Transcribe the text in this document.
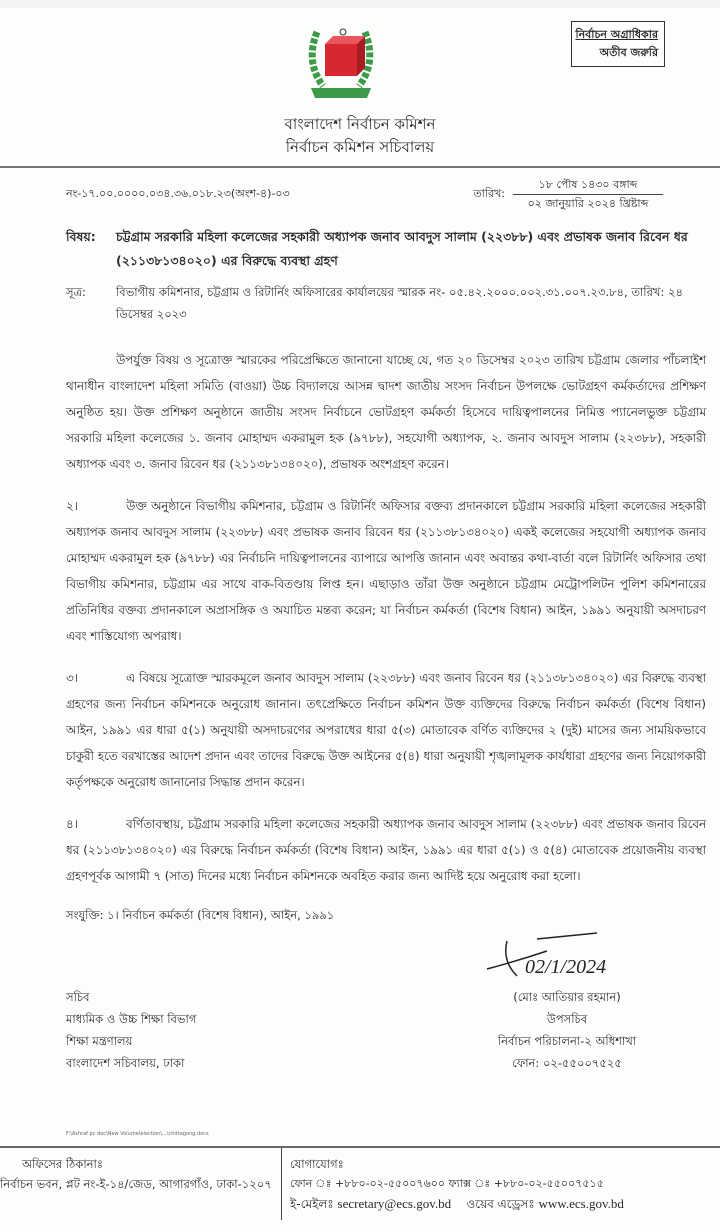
বাংলাদেশ নির্বাচন কমিশন
নির্বাচন কমিশন সচিবালয়
নির্বাচন অগ্রাধিকার
অতীব জরুরি
নং-১৭.০০.০০০০.০৩৪.৩৬.০১৮.২৩(অংশ-৪)-০৩	তারিখ:
১৮ পৌষ ১৪৩০ বঙ্গাব্দ
০২ জানুয়ারি ২০২৪ খ্রিষ্টাব্দ
বিষয়:	চট্টগ্রাম সরকারি মহিলা কলেজের সহকারী অধ্যাপক জনাব আবদুস সালাম (২২৩৮৮) এবং প্রভাষক জনাব রিবেন ধর (২১১৩৮১৩৪০২০) এর বিরুদ্ধে ব্যবস্থা গ্রহণ
সূত্র:	বিভাগীয় কমিশনার, চট্টগ্রাম ও রিটার্নিং অফিসারের কার্যালয়ের স্মারক নং- ০৫.৪২.২০০০.০০২.৩১.০০৭.২৩.৮৪, তারিখ: ২৪ ডিসেম্বর ২০২৩
উপর্যুক্ত বিষয় ও সূত্রোক্ত স্মারকের পরিপ্রেক্ষিতে জানানো যাচ্ছে যে, গত ২০ ডিসেম্বর ২০২৩ তারিখ চট্টগ্রাম জেলার পাঁচলাইশ থানাধীন বাংলাদেশ মহিলা সমিতি (বাওয়া) উচ্চ বিদ্যালয়ে আসন্ন দ্বাদশ জাতীয় সংসদ নির্বাচন উপলক্ষে ভোটগ্রহণ কর্মকর্তাদের প্রশিক্ষণ অনুষ্ঠিত হয়। উক্ত প্রশিক্ষণ অনুষ্ঠানে জাতীয় সংসদ নির্বাচনে ভোটগ্রহণ কর্মকর্তা হিসেবে দায়িত্বপালনের নিমিত্ত প্যানেলভুক্ত চট্টগ্রাম সরকারি মহিলা কলেজের ১. জনাব মোহাম্মদ একরামুল হক (৯৭৮৮), সহযোগী অধ্যাপক, ২. জনাব আবদুস সালাম (২২৩৮৮), সহকারী অধ্যাপক এবং ৩. জনাব রিবেন ধর (২১১৩৮১৩৪০২০), প্রভাষক অংশগ্রহণ করেন।
২।	উক্ত অনুষ্ঠানে বিভাগীয় কমিশনার, চট্টগ্রাম ও রিটার্নিং অফিসার বক্তব্য প্রদানকালে চট্টগ্রাম সরকারি মহিলা কলেজের সহকারী অধ্যাপক জনাব আবদুস সালাম (২২৩৮৮) এবং প্রভাষক জনাব রিবেন ধর (২১১৩৮১৩৪০২০) একই কলেজের সহযোগী অধ্যাপক জনাব মোহাম্মদ একরামুল হক (৯৭৮৮) এর নির্বাচনি দায়িত্বপালনের ব্যাপারে আপত্তি জানান এবং অবান্তর কথা-বার্তা বলে রিটার্নিং অফিসার তথা বিভাগীয় কমিশনার, চট্টগ্রাম এর সাথে বাক-বিতণ্ডায় লিপ্ত হন। এছাড়াও তাঁরা উক্ত অনুষ্ঠানে চট্টগ্রাম মেট্রোপলিটন পুলিশ কমিশনারের প্রতিনিধির বক্তব্য প্রদানকালে অপ্রাসঙ্গিক ও অযাচিত মন্তব্য করেন; যা নির্বাচন কর্মকর্তা (বিশেষ বিধান) আইন, ১৯৯১ অনুযায়ী অসদাচরণ এবং শাস্তিযোগ্য অপরাধ।
৩।	এ বিষয়ে সূত্রোক্ত স্মারকমূলে জনাব আবদুস সালাম (২২৩৮৮) এবং জনাব রিবেন ধর (২১১৩৮১৩৪০২০) এর বিরুদ্ধে ব্যবস্থা গ্রহণের জন্য নির্বাচন কমিশনকে অনুরোধ জানান। তৎপ্রেক্ষিতে নির্বাচন কমিশন উক্ত ব্যক্তিদের বিরুদ্ধে নির্বাচন কর্মকর্তা (বিশেষ বিধান) আইন, ১৯৯১ এর ধারা ৫(১) অনুযায়ী অসদাচরণের অপরাধের ধারা ৫(৩) মোতাবেক বর্ণিত ব্যক্তিদের ২ (দুই) মাসের জন্য সাময়িকভাবে চাকুরী হতে বরখাস্তের আদেশ প্রদান এবং তাদের বিরুদ্ধে উক্ত আইনের ৫(৪) ধারা অনুযায়ী শৃঙ্খলামূলক কার্যধারা গ্রহণের জন্য নিয়োগকারী কর্তৃপক্ষকে অনুরোধ জানানোর সিদ্ধান্ত প্রদান করেন।
৪।	বর্ণিতাবস্থায়, চট্টগ্রাম সরকারি মহিলা কলেজের সহকারী অধ্যাপক জনাব আবদুস সালাম (২২৩৮৮) এবং প্রভাষক জনাব রিবেন ধর (২১১৩৮১৩৪০২০) এর বিরুদ্ধে নির্বাচন কর্মকর্তা (বিশেষ বিধান) আইন, ১৯৯১ এর ধারা ৫(১) ও ৫(৪) মোতাবেক প্রয়োজনীয় ব্যবস্থা গ্রহণপূর্বক আগামী ৭ (সাত) দিনের মধ্যে নির্বাচন কমিশনকে অবহিত করার জন্য আদিষ্ট হয়ে অনুরোধ করা হলো।
সংযুক্তি: ১। নির্বাচন কর্মকর্তা (বিশেষ বিধান), আইন, ১৯৯১
সচিব
মাধ্যমিক ও উচ্চ শিক্ষা বিভাগ
শিক্ষা মন্ত্রণালয়
বাংলাদেশ সচিবালয়, ঢাকা
02/1/2024
(মোঃ আতিয়ার রহমান)
উপসচিব
নির্বাচন পরিচালনা-২ অধিশাখা
ফোন: ০২-৫৫০০৭৫২৫
F:\Ashraf pc doc\New Volume\election\...\chittagong.docx
অফিসের ঠিকানাঃ
নির্বাচন ভবন, প্লট নং-ই-১৪/জেড, আগারগাঁও, ঢাকা-১২০৭
যোগাযোগঃ
ফোন ঃ +৮৮০-০২-৫৫০০৭৬০০ ফ্যাক্স ঃ +৮৮০-০২-৫৫০০৭৫১৫
ই-মেইলঃ secretary@ecs.gov.bd ওয়েব এড্রেসঃ www.ecs.gov.bd
